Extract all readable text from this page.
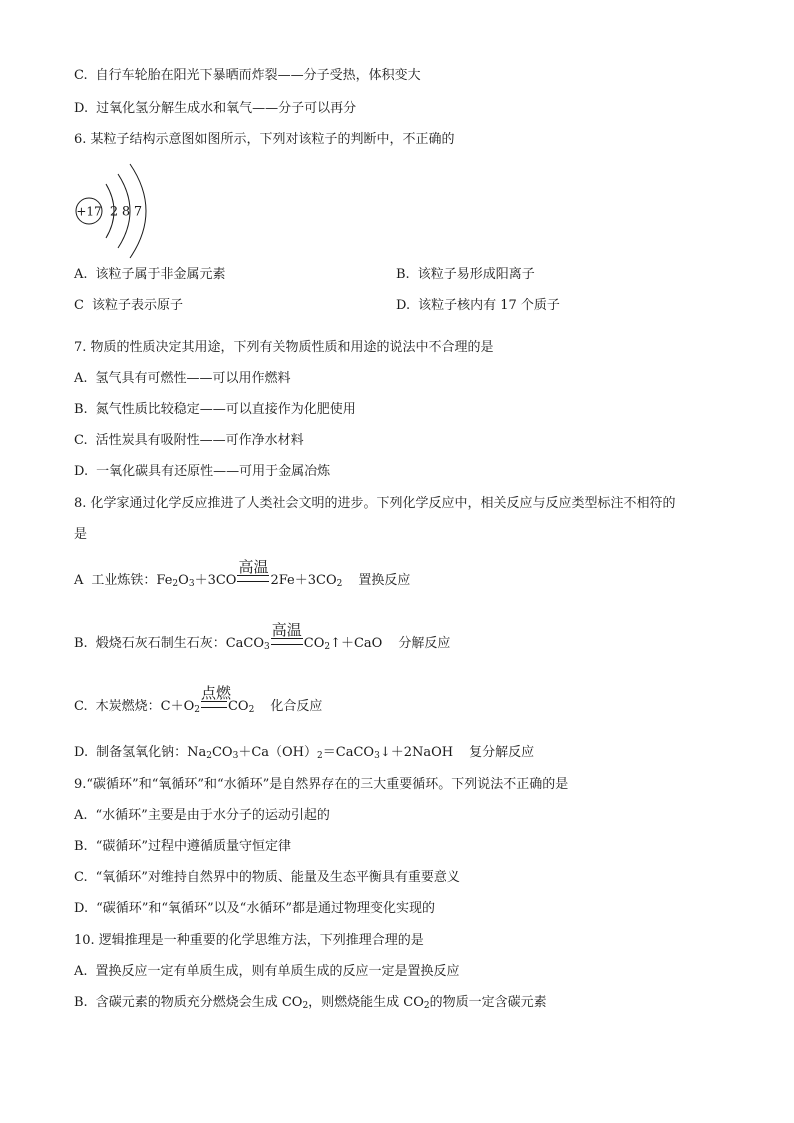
C. 自行车轮胎在阳光下暴晒而炸裂——分子受热，体积变大
D. 过氧化氢分解生成水和氧气——分子可以再分
6. 某粒子结构示意图如图所示，下列对该粒子的判断中，不正确的
+17 2 8 7
A. 该粒子属于非金属元素	B. 该粒子易形成阳离子
C 该粒子表示原子	D. 该粒子核内有 17 个质子
7. 物质的性质决定其用途，下列有关物质性质和用途的说法中不合理的是
A. 氢气具有可燃性——可以用作燃料
B. 氮气性质比较稳定——可以直接作为化肥使用
C. 活性炭具有吸附性——可作净水材料
D. 一氧化碳具有还原性——可用于金属冶炼
8. 化学家通过化学反应推进了人类社会文明的进步。下列化学反应中，相关反应与反应类型标注不相符的
是
A 工业炼铁：$Fe_2O_3+3CO$
高温
$2Fe+3CO_2$ 置换反应
B. 煅烧石灰石制生石灰：CaCO$_3$
高温
$CO_2↑+CaO$ 分解反应
C. 木炭燃烧：$C+O_2$
点燃
$CO_2$ 化合反应
D. 制备氢氧化钠：$Na_2CO_3+Ca(OH)_2=CaCO_3↓+2NaOH$ 复分解反应
9.“碳循环”和“氧循环”和“水循环”是自然界存在的三大重要循环。下列说法不正确的是
A. “水循环”主要是由于水分子的运动引起的
B. “碳循环”过程中遵循质量守恒定律
C. “氧循环”对维持自然界中的物质、能量及生态平衡具有重要意义
D. “碳循环”和“氧循环”以及“水循环”都是通过物理变化实现的
10. 逻辑推理是一种重要的化学思维方法，下列推理合理的是
A. 置换反应一定有单质生成，则有单质生成的反应一定是置换反应
B. 含碳元素的物质充分燃烧会生成 $CO_2$，则燃烧能生成 $CO_2$的物质一定含碳元素
